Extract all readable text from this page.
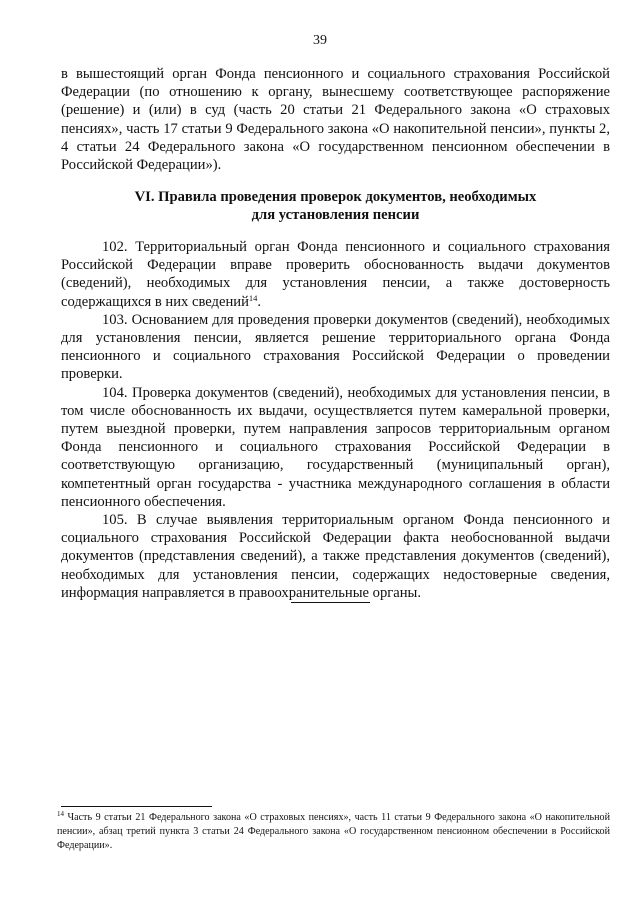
39

в вышестоящий орган Фонда пенсионного и социального страхования Российской Федерации (по отношению к органу, вынесшему соответствующее распоряжение (решение) и (или) в суд (часть 20 статьи 21 Федерального закона «О страховых пенсиях», часть 17 статьи 9 Федерального закона «О накопительной пенсии», пункты 2, 4 статьи 24 Федерального закона «О государственном пенсионном обеспечении в Российской Федерации»).

VI. Правила проведения проверок документов, необходимых
для установления пенсии

102. Территориальный орган Фонда пенсионного и социального страхования Российской Федерации вправе проверить обоснованность выдачи документов (сведений), необходимых для установления пенсии, а также достоверность содержащихся в них сведений$^{14}$.

103. Основанием для проведения проверки документов (сведений), необходимых для установления пенсии, является решение территориального органа Фонда пенсионного и социального страхования Российской Федерации о проведении проверки.

104. Проверка документов (сведений), необходимых для установления пенсии, в том числе обоснованность их выдачи, осуществляется путем камеральной проверки, путем выездной проверки, путем направления запросов территориальным органом Фонда пенсионного и социального страхования Российской Федерации в соответствующую организацию, государственный (муниципальный орган), компетентный орган государства - участника международного соглашения в области пенсионного обеспечения.

105. В случае выявления территориальным органом Фонда пенсионного и социального страхования Российской Федерации факта необоснованной выдачи документов (представления сведений), а также представления документов (сведений), необходимых для установления пенсии, содержащих недостоверные сведения, информация направляется в правоохранительные органы.

$^{14}$ Часть 9 статьи 21 Федерального закона «О страховых пенсиях», часть 11 статьи 9 Федерального закона «О накопительной пенсии», абзац третий пункта 3 статьи 24 Федерального закона «О государственном пенсионном обеспечении в Российской Федерации».
